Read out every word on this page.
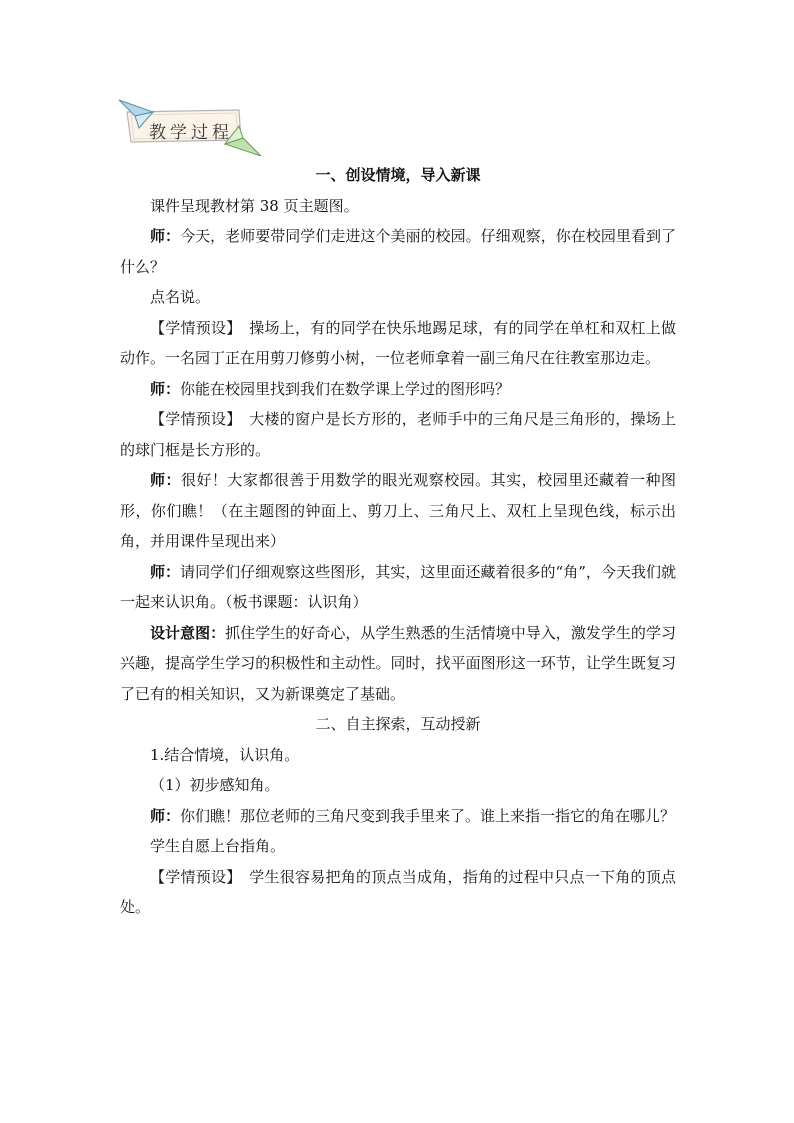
教学过程

一、创设情境，导入新课

课件呈现教材第 38 页主题图。

师：今天，老师要带同学们走进这个美丽的校园。仔细观察，你在校园里看到了什么？

点名说。

【学情预设】　操场上，有的同学在快乐地踢足球，有的同学在单杠和双杠上做动作。一名园丁正在用剪刀修剪小树，一位老师拿着一副三角尺在往教室那边走。

师：你能在校园里找到我们在数学课上学过的图形吗？

【学情预设】　大楼的窗户是长方形的，老师手中的三角尺是三角形的，操场上的球门框是长方形的。

师：很好！大家都很善于用数学的眼光观察校园。其实，校园里还藏着一种图形，你们瞧！（在主题图的钟面上、剪刀上、三角尺上、双杠上呈现色线，标示出角，并用课件呈现出来）

师：请同学们仔细观察这些图形，其实，这里面还藏着很多的“角”，今天我们就一起来认识角。（板书课题：认识角）

设计意图：抓住学生的好奇心，从学生熟悉的生活情境中导入，激发学生的学习兴趣，提高学生学习的积极性和主动性。同时，找平面图形这一环节，让学生既复习了已有的相关知识，又为新课奠定了基础。

二、自主探索，互动授新

1.结合情境，认识角。

（1）初步感知角。

师：你们瞧！那位老师的三角尺变到我手里来了。谁上来指一指它的角在哪儿？

学生自愿上台指角。

【学情预设】　学生很容易把角的顶点当成角，指角的过程中只点一下角的顶点处。
